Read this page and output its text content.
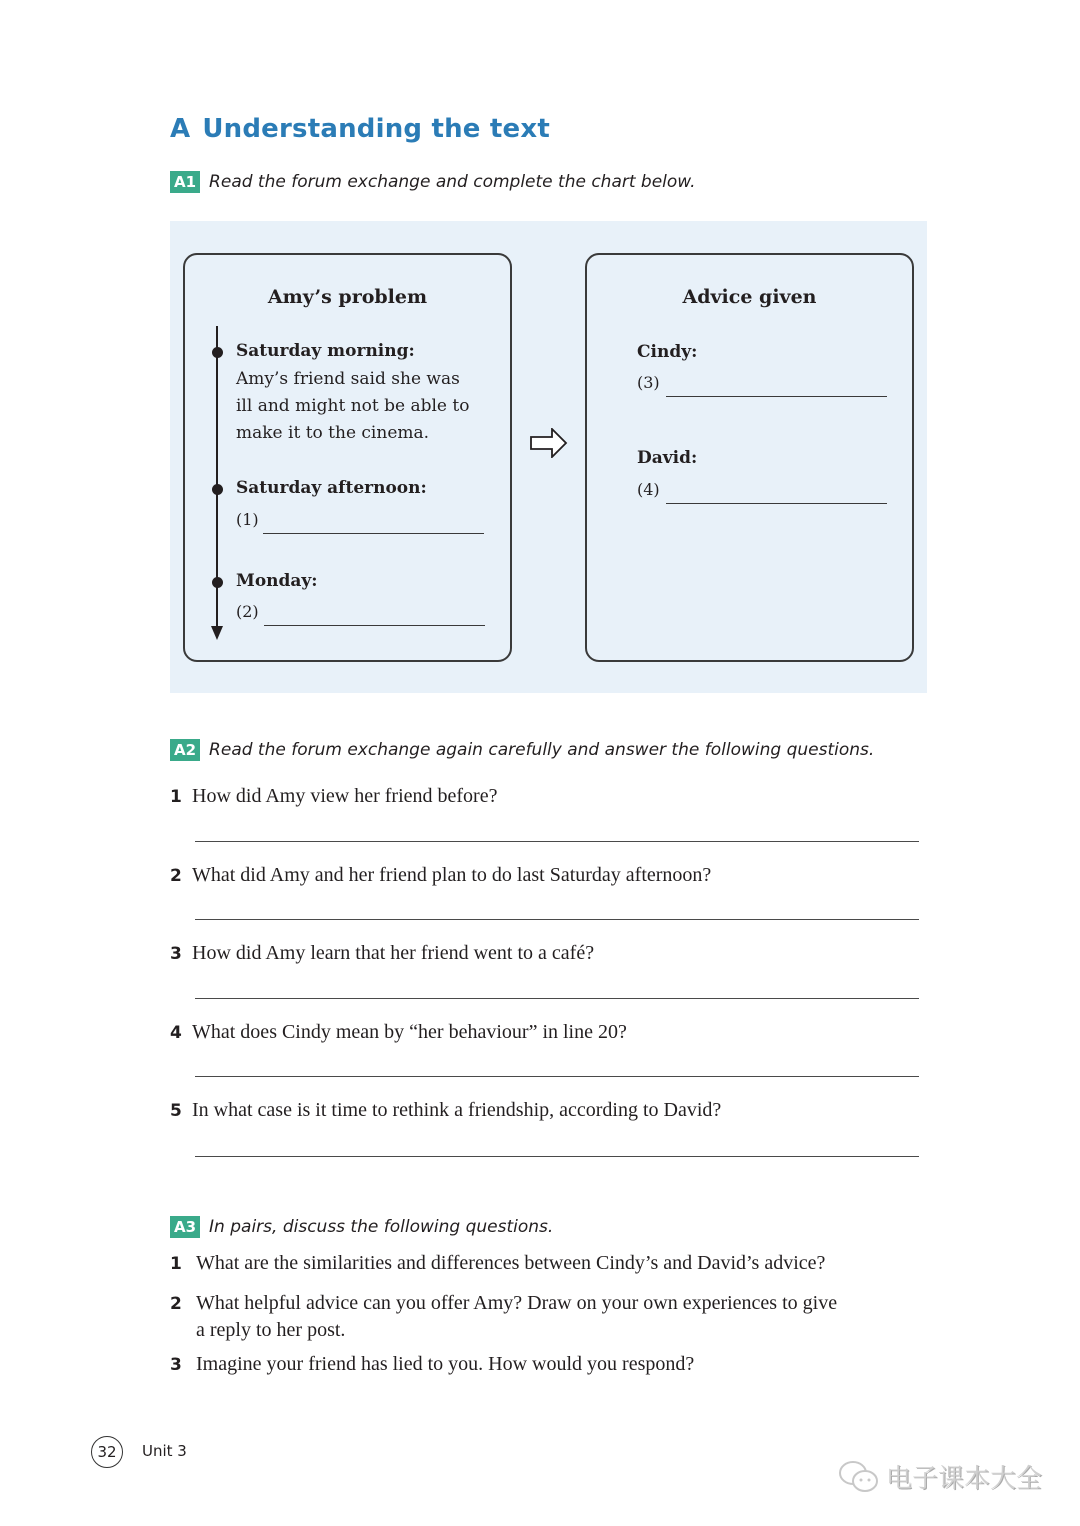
A Understanding the text
A1 Read the forum exchange and complete the chart below.
Amy’s problem
Saturday morning:
Amy’s friend said she was
ill and might not be able to
make it to the cinema.
Saturday afternoon:
(1)
Monday:
(2)
Advice given
Cindy:
(3)
David:
(4)
A2 Read the forum exchange again carefully and answer the following questions.
1 How did Amy view her friend before?
2 What did Amy and her friend plan to do last Saturday afternoon?
3 How did Amy learn that her friend went to a café?
4 What does Cindy mean by “her behaviour” in line 20?
5 In what case is it time to rethink a friendship, according to David?
A3 In pairs, discuss the following questions.
1 What are the similarities and differences between Cindy’s and David’s advice?
2 What helpful advice can you offer Amy? Draw on your own experiences to give
a reply to her post.
3 Imagine your friend has lied to you. How would you respond?
32	Unit 3
电子课本大全
